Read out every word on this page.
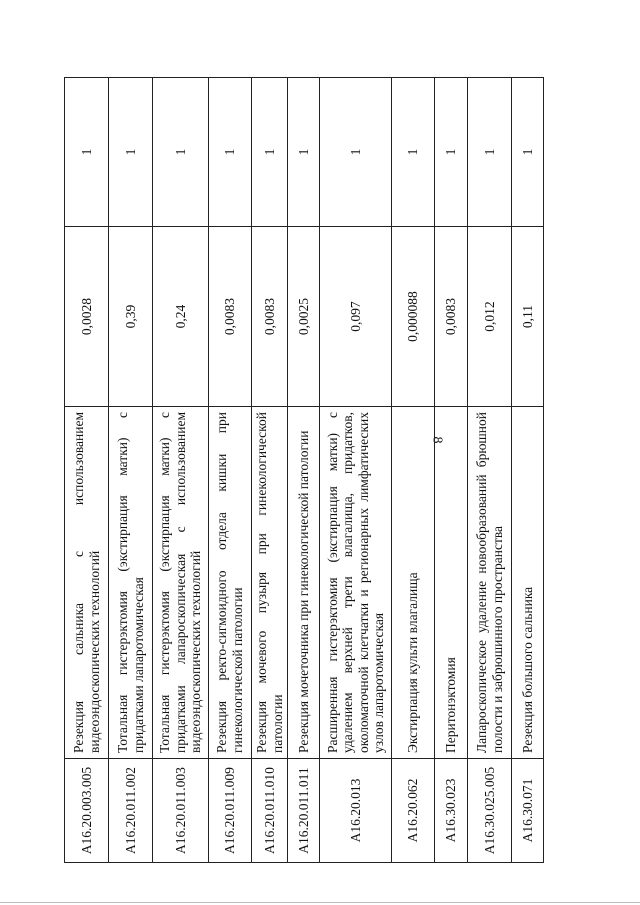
8
A16.20.003.005	Резекция сальника с использованием видеоэндоскопических технологий	0,0028	1
A16.20.011.002	Тотальная гистерэктомия (экстирпация матки) с придатками лапаротомическая	0,39	1
A16.20.011.003	Тотальная гистерэктомия (экстирпация матки) с придатками лапароскопическая с использованием видеоэндоскопических технологий	0,24	1
A16.20.011.009	Резекция ректо-сигмоидного отдела кишки при гинекологической патологии	0,0083	1
A16.20.011.010	Резекция мочевого пузыря при гинекологической патологии	0,0083	1
A16.20.011.011	Резекция мочеточника при гинекологической патологии	0,0025	1
A16.20.013	Расширенная гистерэктомия (экстирпация матки) с удалением верхней трети влагалища, придатков, околоматочной клетчатки и регионарных лимфатических узлов лапаротомическая	0,097	1
A16.20.062	Экстирпация культи влагалища	0,000088	1
A16.30.023	Перитонэктомия	0,0083	1
A16.30.025.005	Лапароскопическое удаление новообразований брюшной полости и забрюшинного пространства	0,012	1
A16.30.071	Резекция большого сальника	0,11	1
